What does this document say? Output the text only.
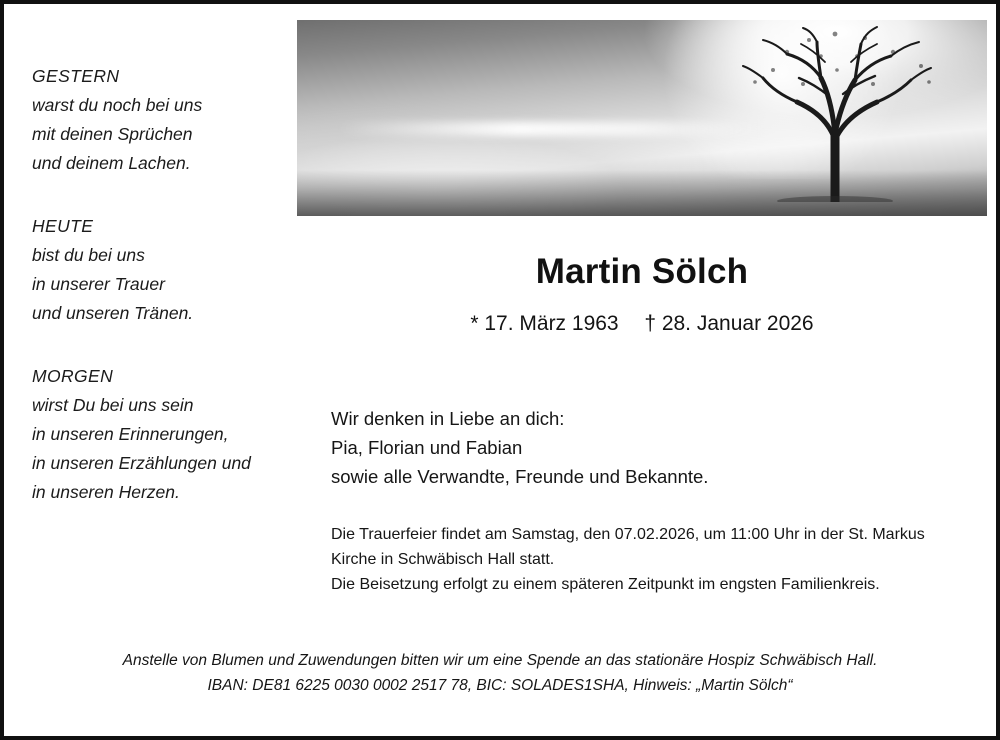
GESTERN
warst du noch bei uns
mit deinen Sprüchen
und deinem Lachen.
HEUTE
bist du bei uns
in unserer Trauer
und unseren Tränen.
MORGEN
wirst Du bei uns sein
in unseren Erinnerungen,
in unseren Erzählungen und
in unseren Herzen.
Martin Sölch
* 17. März 1963 † 28. Januar 2026
Wir denken in Liebe an dich:
Pia, Florian und Fabian
sowie alle Verwandte, Freunde und Bekannte.
Die Trauerfeier findet am Samstag, den 07.02.2026, um 11:00 Uhr in der St. Markus
Kirche in Schwäbisch Hall statt.
Die Beisetzung erfolgt zu einem späteren Zeitpunkt im engsten Familienkreis.
Anstelle von Blumen und Zuwendungen bitten wir um eine Spende an das stationäre Hospiz Schwäbisch Hall.
IBAN: DE81 6225 0030 0002 2517 78, BIC: SOLADES1SHA, Hinweis: „Martin Sölch“
